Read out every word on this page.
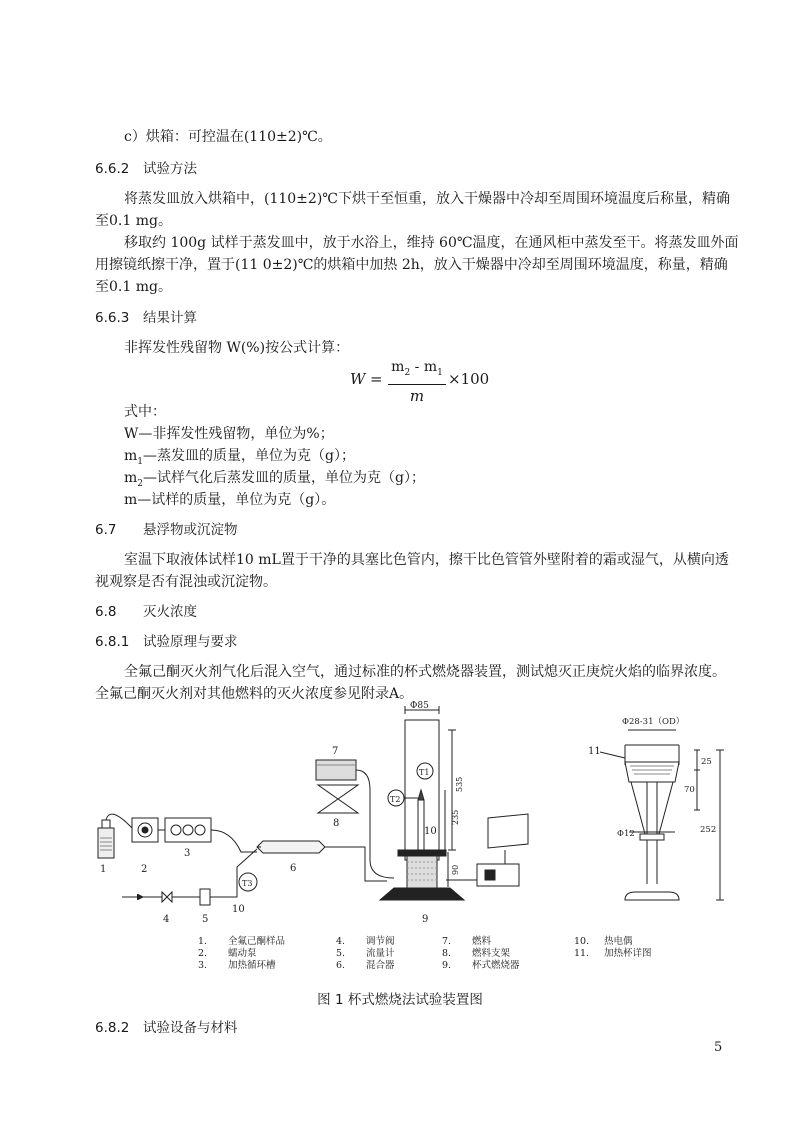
c）烘箱：可控温在(110±2)℃。
6.6.2 试验方法
将蒸发皿放入烘箱中，(110±2)℃下烘干至恒重，放入干燥器中冷却至周围环境温度后称量，精确
至0.1 mg。
移取约 100g 试样于蒸发皿中，放于水浴上，维持 60℃温度，在通风柜中蒸发至干。将蒸发皿外面
用擦镜纸擦干净，置于(11 0±2)℃的烘箱中加热 2h，放入干燥器中冷却至周围环境温度，称量，精确
至0.1 mg。
6.6.3 结果计算
非挥发性残留物 W(%)按公式计算：
W =
$m_2 - m_1$
m
×100
式中：
W—非挥发性残留物，单位为%；
$m_1—$蒸发皿的质量，单位为克（g）；
$m_2—$试样气化后蒸发皿的质量，单位为克（g）；
m—试样的质量，单位为克（g）。
6.7 悬浮物或沉淀物
室温下取液体试样10 mL置于干净的具塞比色管内，擦干比色管管外壁附着的霜或湿气，从横向透
视观察是否有混浊或沉淀物。
6.8 灭火浓度
6.8.1 试验原理与要求
全氟己酮灭火剂气化后混入空气，通过标准的杯式燃烧器装置，测试熄灭正庚烷火焰的临界浓度。
全氟己酮灭火剂对其他燃料的灭火浓度参见附录A。
1	2
3
4	5
6
7
8
9
10
10
11
T1
T2
T3
Φ85
535
235
90
Φ28-31（OD）
25
70
252
Φ12
1. 全氟己酮样品
2. 蠕动泵
3. 加热循环槽
4. 调节阀
5. 流量计
6. 混合器
7. 燃料
8. 燃料支架
9. 杯式燃烧器
10. 热电偶
11. 加热杯详图
图 1 杯式燃烧法试验装置图
6.8.2 试验设备与材料
5
